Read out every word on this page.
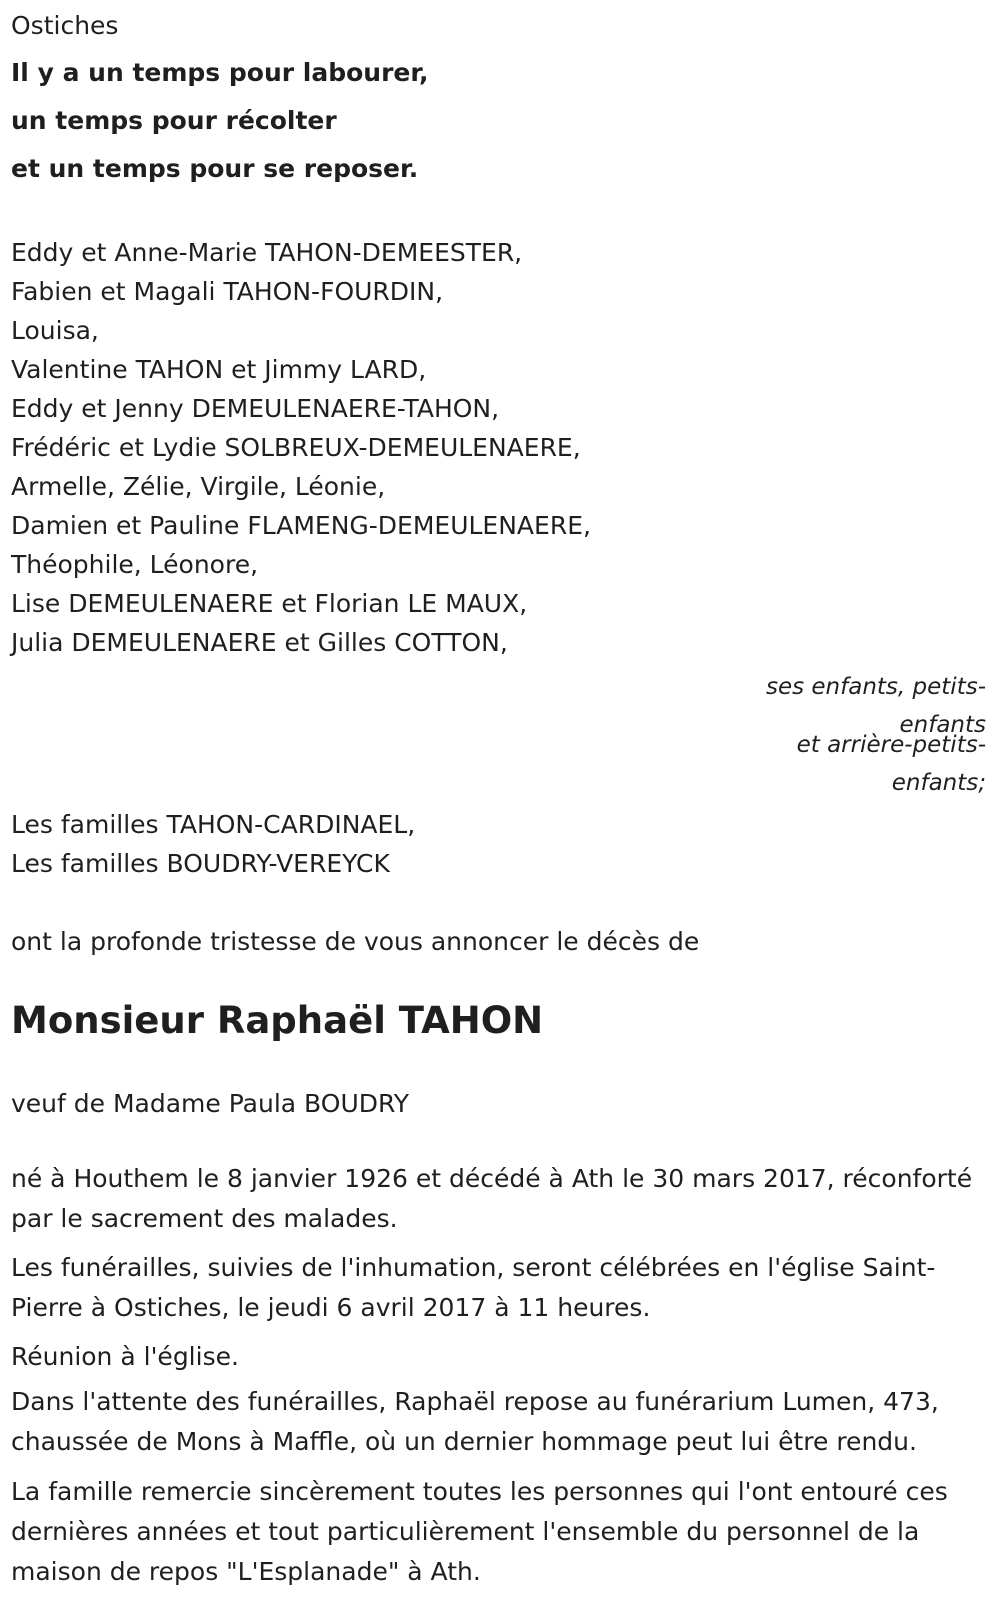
Ostiches
Il y a un temps pour labourer,
un temps pour récolter
et un temps pour se reposer.
Eddy et Anne-Marie TAHON-DEMEESTER,
Fabien et Magali TAHON-FOURDIN,
Louisa,
Valentine TAHON et Jimmy LARD,
Eddy et Jenny DEMEULENAERE-TAHON,
Frédéric et Lydie SOLBREUX-DEMEULENAERE,
Armelle, Zélie, Virgile, Léonie,
Damien et Pauline FLAMENG-DEMEULENAERE,
Théophile, Léonore,
Lise DEMEULENAERE et Florian LE MAUX,
Julia DEMEULENAERE et Gilles COTTON,
ses enfants, petits-enfants
et arrière-petits-enfants;
Les familles TAHON-CARDINAEL,
Les familles BOUDRY-VEREYCK
ont la profonde tristesse de vous annoncer le décès de
Monsieur Raphaël TAHON
veuf de Madame Paula BOUDRY
né à Houthem le 8 janvier 1926 et décédé à Ath le 30 mars 2017, réconforté par le sacrement des malades.
Les funérailles, suivies de l'inhumation, seront célébrées en l'église Saint-Pierre à Ostiches, le jeudi 6 avril 2017 à 11 heures.
Réunion à l'église.
Dans l'attente des funérailles, Raphaël repose au funérarium Lumen, 473, chaussée de Mons à Maffle, où un dernier hommage peut lui être rendu.
La famille remercie sincèrement toutes les personnes qui l'ont entouré ces dernières années et tout particulièrement l'ensemble du personnel de la maison de repos "L'Esplanade" à Ath.
